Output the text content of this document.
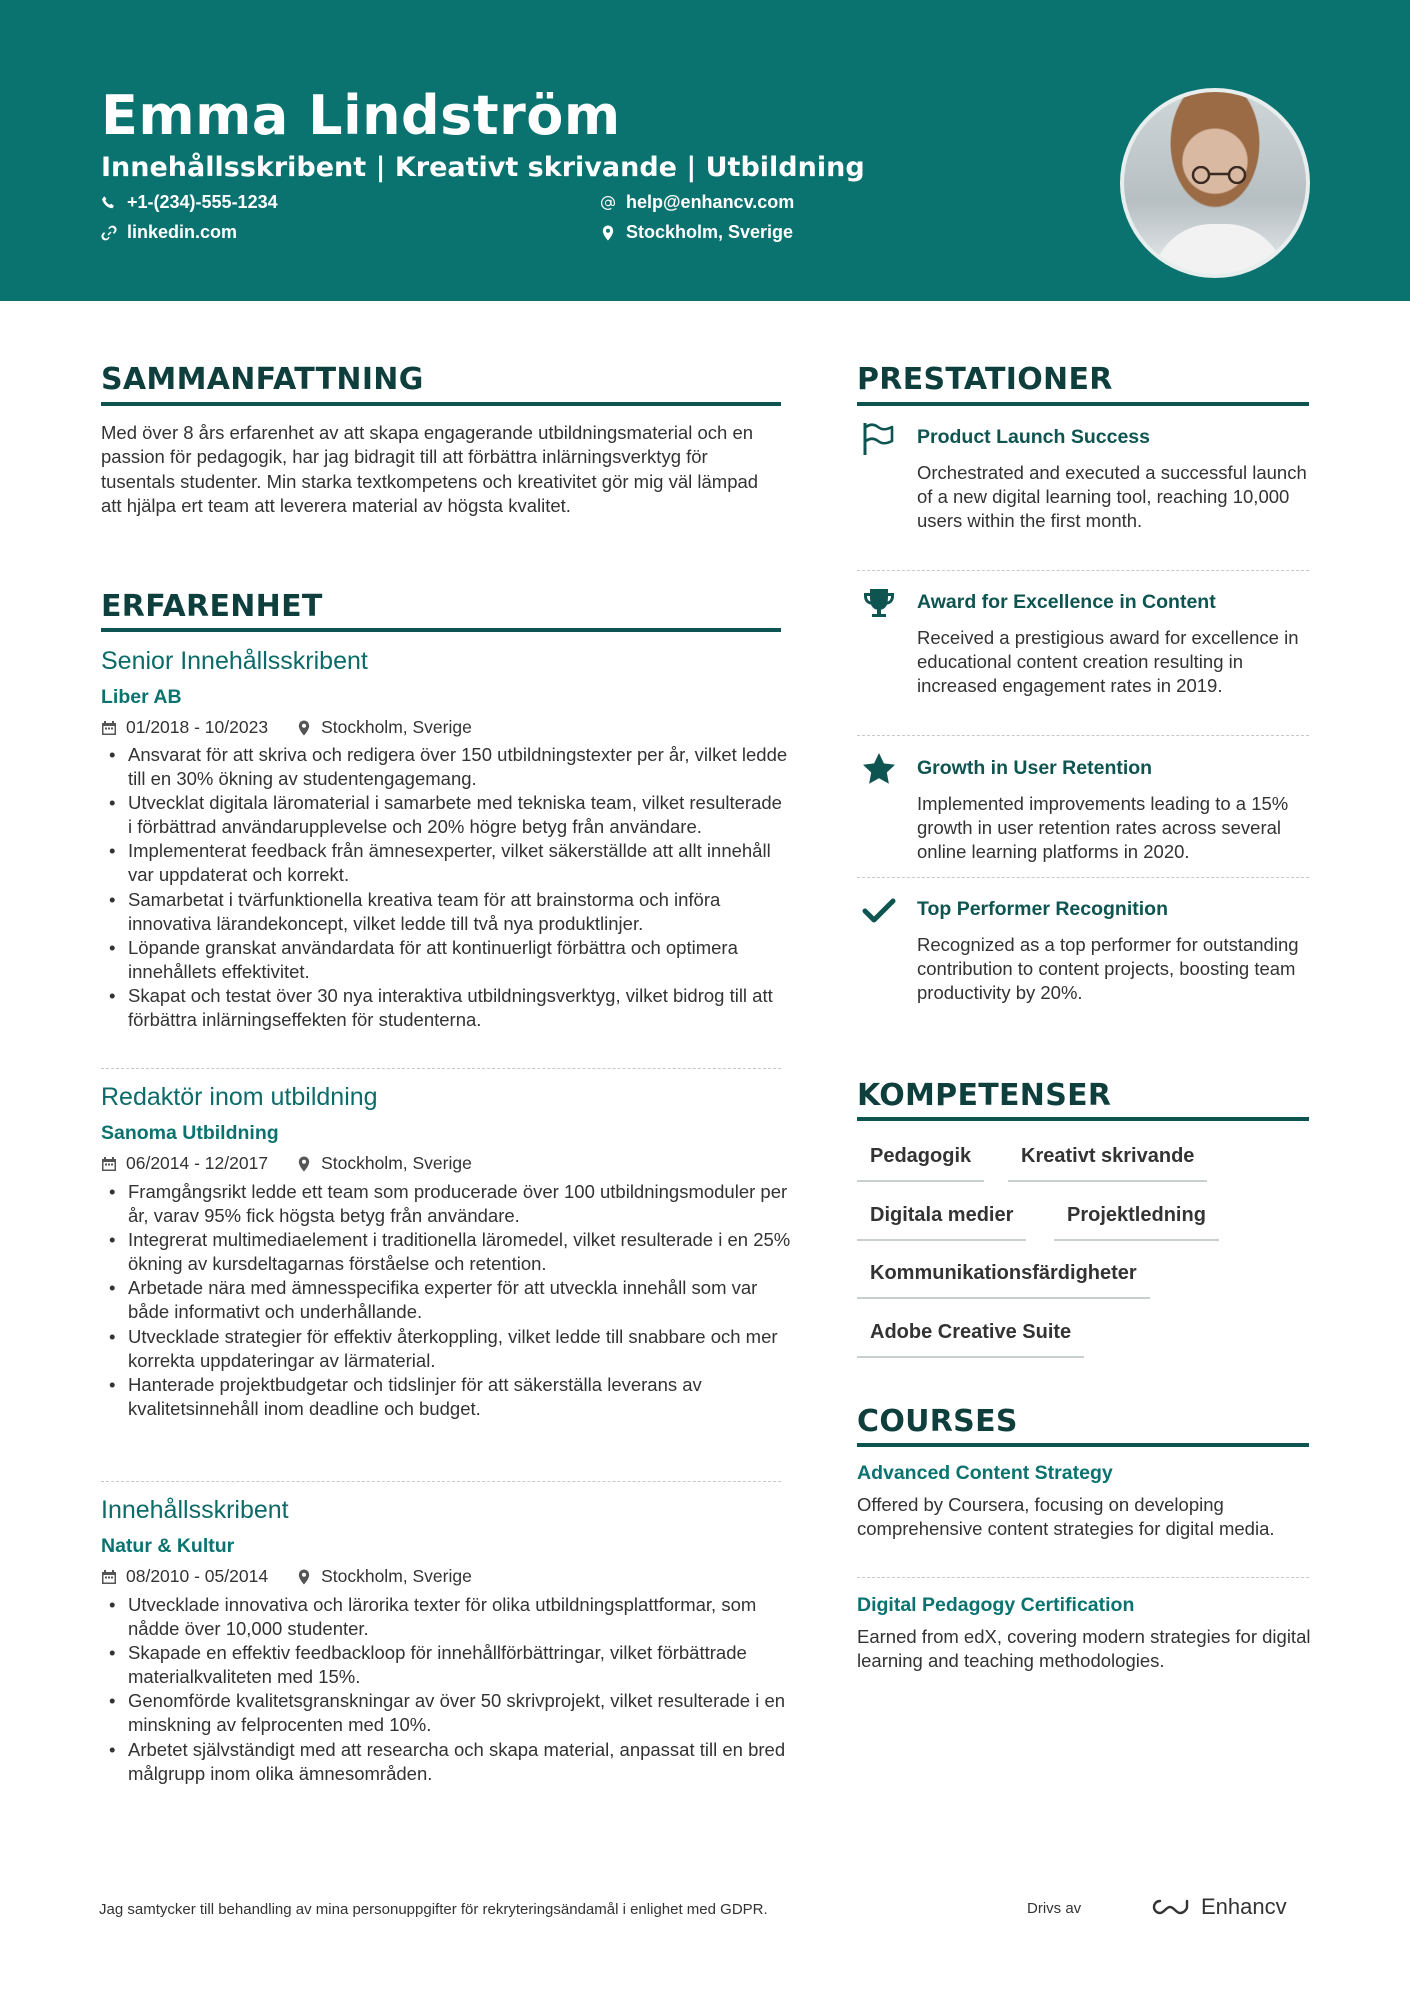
Emma Lindström
Innehållsskribent | Kreativt skrivande | Utbildning
+1-(234)-555-1234	help@enhancv.com
linkedin.com	Stockholm, Sverige
SAMMANFATTNING
Med över 8 års erfarenhet av att skapa engagerande utbildningsmaterial och en passion för pedagogik, har jag bidragit till att förbättra inlärningsverktyg för tusentals studenter. Min starka textkompetens och kreativitet gör mig väl lämpad att hjälpa ert team att leverera material av högsta kvalitet.
ERFARENHET
Senior Innehållsskribent
Liber AB
01/2018 - 10/2023	Stockholm, Sverige
• Ansvarat för att skriva och redigera över 150 utbildningstexter per år, vilket ledde till en 30% ökning av studentengagemang.
• Utvecklat digitala läromaterial i samarbete med tekniska team, vilket resulterade i förbättrad användarupplevelse och 20% högre betyg från användare.
• Implementerat feedback från ämnesexperter, vilket säkerställde att allt innehåll var uppdaterat och korrekt.
• Samarbetat i tvärfunktionella kreativa team för att brainstorma och införa innovativa lärandekoncept, vilket ledde till två nya produktlinjer.
• Löpande granskat användardata för att kontinuerligt förbättra och optimera innehållets effektivitet.
• Skapat och testat över 30 nya interaktiva utbildningsverktyg, vilket bidrog till att förbättra inlärningseffekten för studenterna.
Redaktör inom utbildning
Sanoma Utbildning
06/2014 - 12/2017	Stockholm, Sverige
• Framgångsrikt ledde ett team som producerade över 100 utbildningsmoduler per år, varav 95% fick högsta betyg från användare.
• Integrerat multimediaelement i traditionella läromedel, vilket resulterade i en 25% ökning av kursdeltagarnas förståelse och retention.
• Arbetade nära med ämnesspecifika experter för att utveckla innehåll som var både informativt och underhållande.
• Utvecklade strategier för effektiv återkoppling, vilket ledde till snabbare och mer korrekta uppdateringar av lärmaterial.
• Hanterade projektbudgetar och tidslinjer för att säkerställa leverans av kvalitetsinnehåll inom deadline och budget.
Innehållsskribent
Natur & Kultur
08/2010 - 05/2014	Stockholm, Sverige
• Utvecklade innovativa och lärorika texter för olika utbildningsplattformar, som nådde över 10,000 studenter.
• Skapade en effektiv feedbackloop för innehållförbättringar, vilket förbättrade materialkvaliteten med 15%.
• Genomförde kvalitetsgranskningar av över 50 skrivprojekt, vilket resulterade i en minskning av felprocenten med 10%.
• Arbetet självständigt med att researcha och skapa material, anpassat till en bred målgrupp inom olika ämnesområden.
PRESTATIONER
Product Launch Success
Orchestrated and executed a successful launch of a new digital learning tool, reaching 10,000 users within the first month.
Award for Excellence in Content
Received a prestigious award for excellence in educational content creation resulting in increased engagement rates in 2019.
Growth in User Retention
Implemented improvements leading to a 15% growth in user retention rates across several online learning platforms in 2020.
Top Performer Recognition
Recognized as a top performer for outstanding contribution to content projects, boosting team productivity by 20%.
KOMPETENSER
Pedagogik	Kreativt skrivande
Digitala medier	Projektledning
Kommunikationsfärdigheter
Adobe Creative Suite
COURSES
Advanced Content Strategy
Offered by Coursera, focusing on developing comprehensive content strategies for digital media.
Digital Pedagogy Certification
Earned from edX, covering modern strategies for digital learning and teaching methodologies.
Jag samtycker till behandling av mina personuppgifter för rekryteringsändamål i enlighet med GDPR.	Drivs av	Enhancv
